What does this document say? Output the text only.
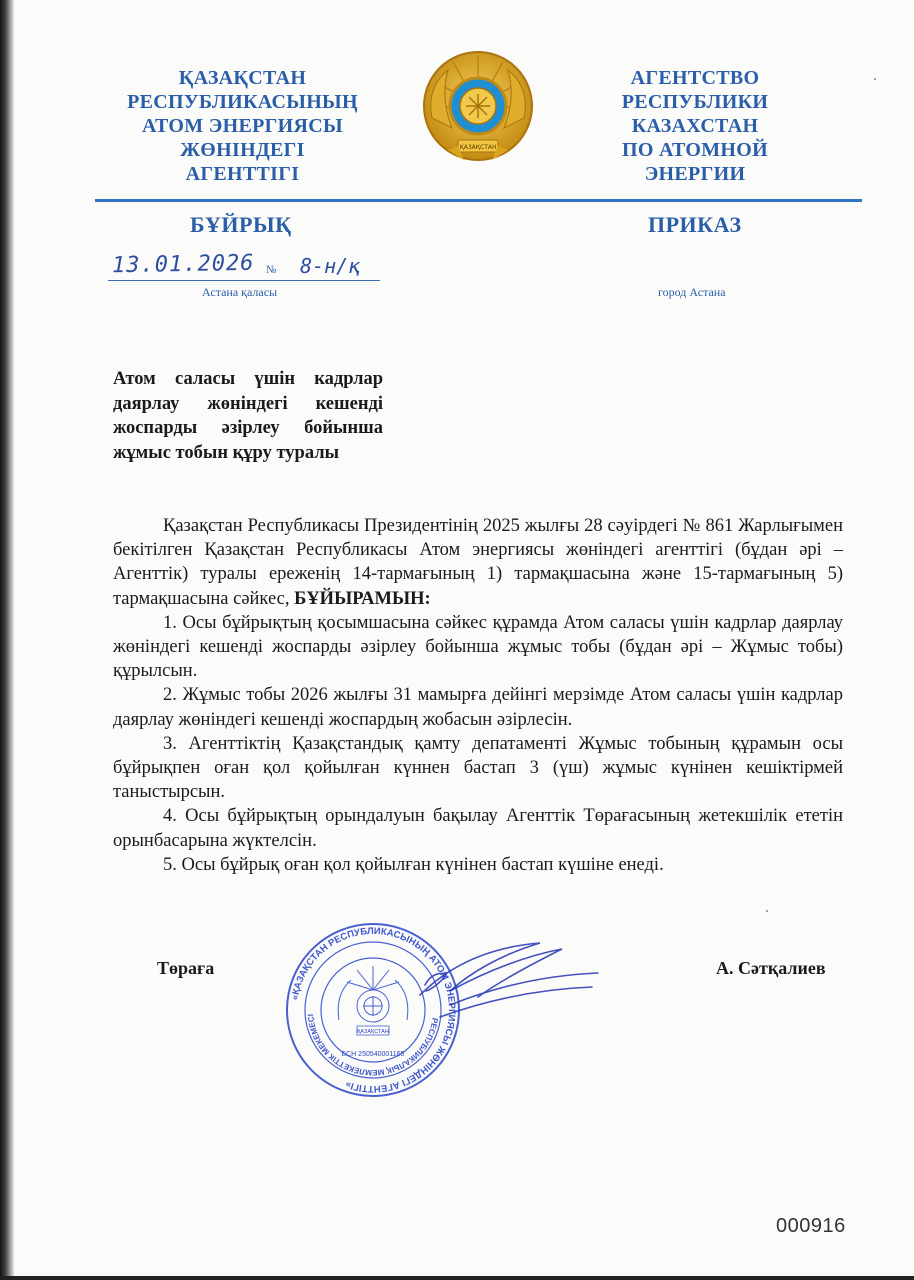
ҚАЗАҚСТАН
РЕСПУБЛИКАСЫНЫҢ
АТОМ ЭНЕРГИЯСЫ
ЖӨНІНДЕГІ
АГЕНТТІГІ
ҚАЗАҚСТАН
АГЕНТСТВО
РЕСПУБЛИКИ
КАЗАХСТАН
ПО АТОМНОЙ
ЭНЕРГИИ
БҰЙРЫҚ	ПРИКАЗ
13.01.2026 № 8-н/қ
Астана қаласы	город Астана
Атом саласы үшін кадрлар даярлау жөніндегі кешенді жоспарды әзірлеу бойынша жұмыс тобын құру туралы

Қазақстан Республикасы Президентінің 2025 жылғы 28 сәуірдегі № 861 Жарлығымен бекітілген Қазақстан Республикасы Атом энергиясы жөніндегі агенттігі (бұдан әрі – Агенттік) туралы ереженің 14-тармағының 1) тармақшасына және 15-тармағының 5) тармақшасына сәйкес, БҰЙЫРАМЫН:

1. Осы бұйрықтың қосымшасына сәйкес құрамда Атом саласы үшін кадрлар даярлау жөніндегі кешенді жоспарды әзірлеу бойынша жұмыс тобы (бұдан әрі – Жұмыс тобы) құрылсын.

2. Жұмыс тобы 2026 жылғы 31 мамырға дейінгі мерзімде Атом саласы үшін кадрлар даярлау жөніндегі кешенді жоспардың жобасын әзірлесін.

3. Агенттіктің Қазақстандық қамту депатаменті Жұмыс тобының құрамын осы бұйрықпен оған қол қойылған күннен бастап 3 (үш) жұмыс күнінен кешіктірмей таныстырсын.

4. Осы бұйрықтың орындалуын бақылау Агенттік Төрағасының жетекшілік ететін орынбасарына жүктелсін.

5. Осы бұйрық оған қол қойылған күнінен бастап күшіне енеді.

Төраға	А. Сәтқалиев
«ҚАЗАҚСТАН РЕСПУБЛИКАСЫНЫҢ АТОМ ЭНЕРГИЯСЫ ЖӨНІНДЕГІ АГЕНТТІГІ»
РЕСПУБЛИКАЛЫҚ МЕМЛЕКЕТТІК МЕКЕМЕСІ
ҚАЗАҚСТАН
БСН 250540001165
000916
